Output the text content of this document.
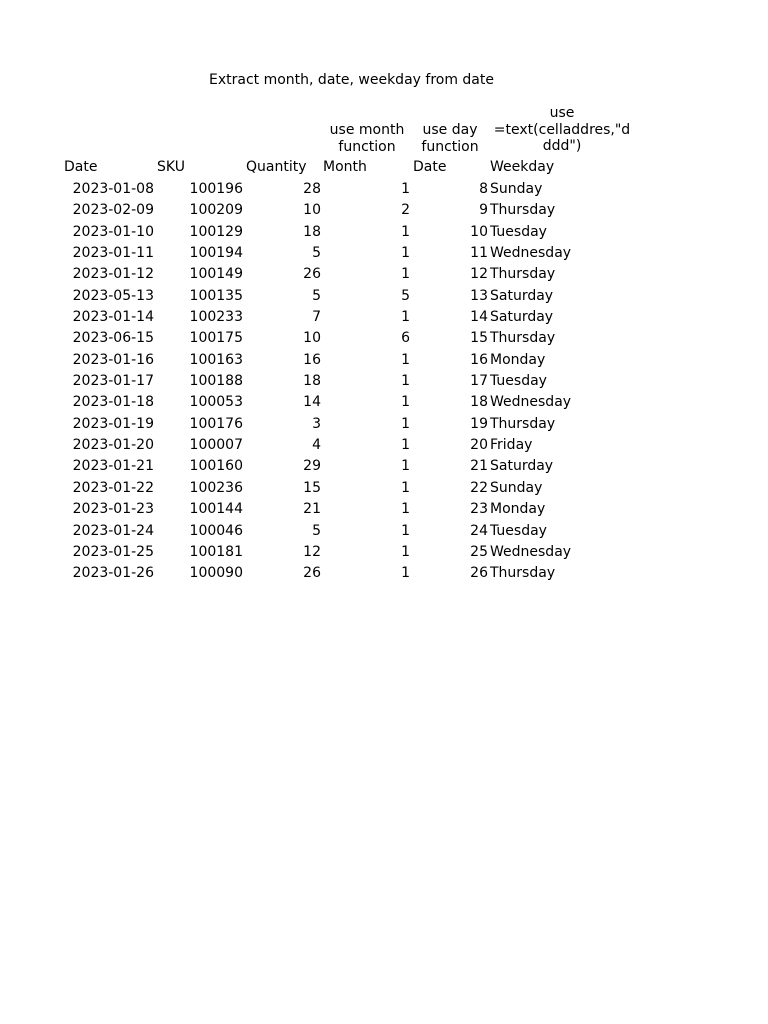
Extract month, date, weekday from date
use month
function
use day
function
use
=text(celladdres,"d
ddd")
Date	SKU	Quantity Month	Date	Weekday
2023-01-08	100196	28	1	8 Sunday
2023-02-09	100209	10	2	9 Thursday
2023-01-10	100129	18	1	10 Tuesday
2023-01-11	100194	5	1	11 Wednesday
2023-01-12	100149	26	1	12 Thursday
2023-05-13	100135	5	5	13 Saturday
2023-01-14	100233	7	1	14 Saturday
2023-06-15	100175	10	6	15 Thursday
2023-01-16	100163	16	1	16 Monday
2023-01-17	100188	18	1	17 Tuesday
2023-01-18	100053	14	1	18 Wednesday
2023-01-19	100176	3	1	19 Thursday
2023-01-20	100007	4	1	20 Friday
2023-01-21	100160	29	1	21 Saturday
2023-01-22	100236	15	1	22 Sunday
2023-01-23	100144	21	1	23 Monday
2023-01-24	100046	5	1	24 Tuesday
2023-01-25	100181	12	1	25 Wednesday
2023-01-26	100090	26	1	26 Thursday
